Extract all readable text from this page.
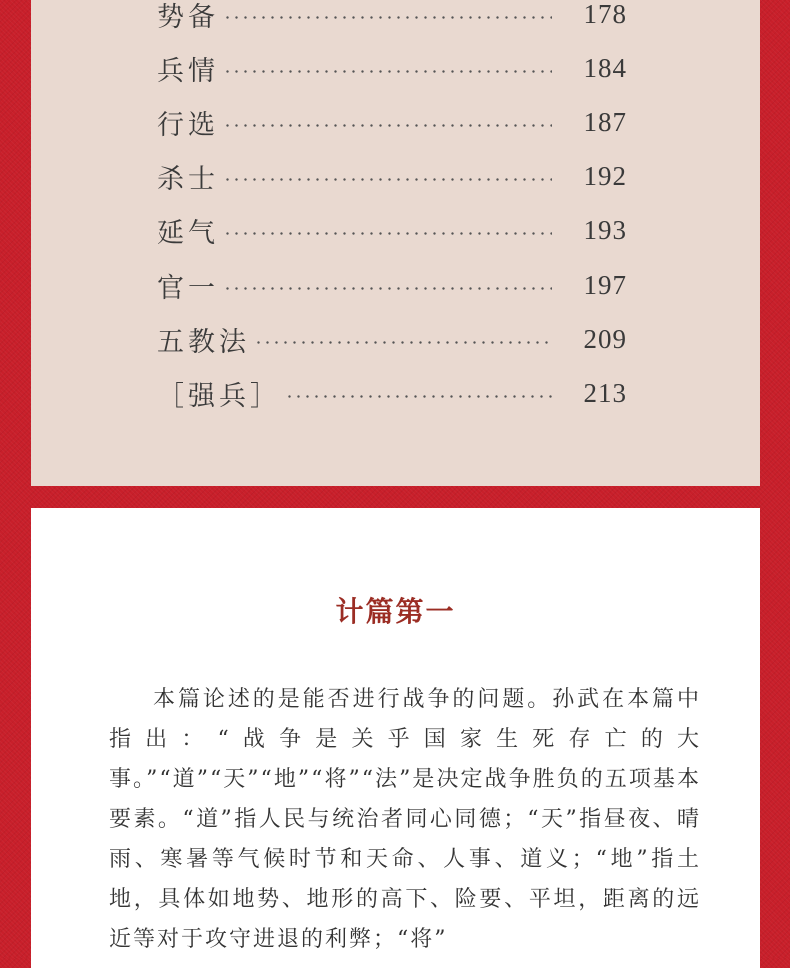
势备	178
兵情	184
行选	187
杀士	192
延气	193
官一	197
五教法	209
［强兵］	213
计篇第一

本篇论述的是能否进行战争的问题。孙武在本篇中指出：“战争是关乎国家生死存亡的大事。”“道”“天”“地”“将”“法”是决定战争胜负的五项基本要素。“道”指人民与统治者同心同德；“天”指昼夜、晴雨、寒暑等气候时节和天命、人事、道义；“地”指土地，具体如地势、地形的高下、险要、平坦，距离的远近等对于攻守进退的利弊；“将”
